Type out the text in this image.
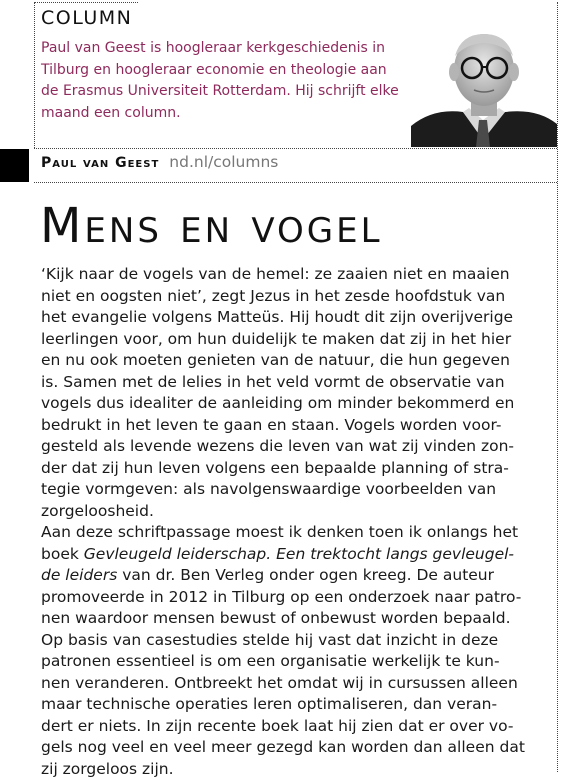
COLUMN

Paul van Geest is hoogleraar kerkgeschiedenis in Tilburg en hoogleraar economie en theologie aan de Erasmus Universiteit Rotterdam. Hij schrijft elke maand een column.

Paul van Geest nd.nl/columns
Mens en vogel
‘Kijk naar de vogels van de hemel: ze zaaien niet en maaien
niet en oogsten niet’, zegt Jezus in het zesde hoofdstuk van
het evangelie volgens Matteüs. Hij houdt dit zijn overijverige
leerlingen voor, om hun duidelijk te maken dat zij in het hier
en nu ook moeten genieten van de natuur, die hun gegeven
is. Samen met de lelies in het veld vormt de observatie van
vogels dus idealiter de aanleiding om minder bekommerd en
bedrukt in het leven te gaan en staan. Vogels worden voor-
gesteld als levende wezens die leven van wat zij vinden zon-
der dat zij hun leven volgens een bepaalde planning of stra-
tegie vormgeven: als navolgenswaardige voorbeelden van
zorgeloosheid.
Aan deze schriftpassage moest ik denken toen ik onlangs het
boek Gevleugeld leiderschap. Een trektocht langs gevleugel-
de leiders van dr. Ben Verleg onder ogen kreeg. De auteur
promoveerde in 2012 in Tilburg op een onderzoek naar patro-
nen waardoor mensen bewust of onbewust worden bepaald.
Op basis van casestudies stelde hij vast dat inzicht in deze
patronen essentieel is om een organisatie werkelijk te kun-
nen veranderen. Ontbreekt het omdat wij in cursussen alleen
maar technische operaties leren optimaliseren, dan veran-
dert er niets. In zijn recente boek laat hij zien dat er over vo-
gels nog veel en veel meer gezegd kan worden dan alleen dat
zij zorgeloos zijn.
